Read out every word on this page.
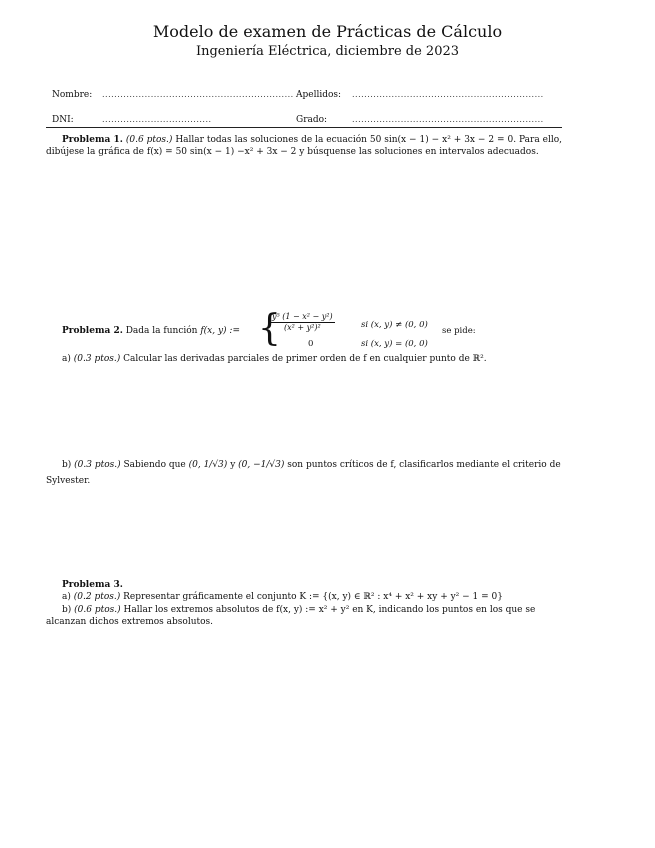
Modelo de examen de Prácticas de Cálculo
Ingeniería Eléctrica, diciembre de 2023
Nombre: ............................................................... Apellidos: ...............................................................
DNI:	....................................	Grado:	...............................................................
Problema 1. (0.6 ptos.) Hallar todas las soluciones de la ecuación 50 sin(x − 1) − x² + 3x − 2 = 0. Para ello, dibújese la gráfica de f(x) = 50 sin(x − 1) −x² + 3x − 2 y búsquense las soluciones en intervalos adecuados.
Problema 2. Dada la función f(x, y) := {
$\frac{\text{y⁵ (1 − x² − y²)}}{\text{(x² + y²)²}}$	si (x, y) ≠ (0, 0)
0	si (x, y) = (0, 0)
se pide:
a) (0.3 ptos.) Calcular las derivadas parciales de primer orden de f en cualquier punto de ℝ².
b) (0.3 ptos.) Sabiendo que (0, 1/√3) y (0, −1/√3) son puntos críticos de f, clasificarlos mediante el criterio de
Sylvester.
Problema 3.
a) (0.2 ptos.) Representar gráficamente el conjunto K := {(x, y) ∈ ℝ² : x⁴ + x² + xy + y² − 1 = 0}
b) (0.6 ptos.) Hallar los extremos absolutos de f(x, y) := x² + y² en K, indicando los puntos en los que se
alcanzan dichos extremos absolutos.
